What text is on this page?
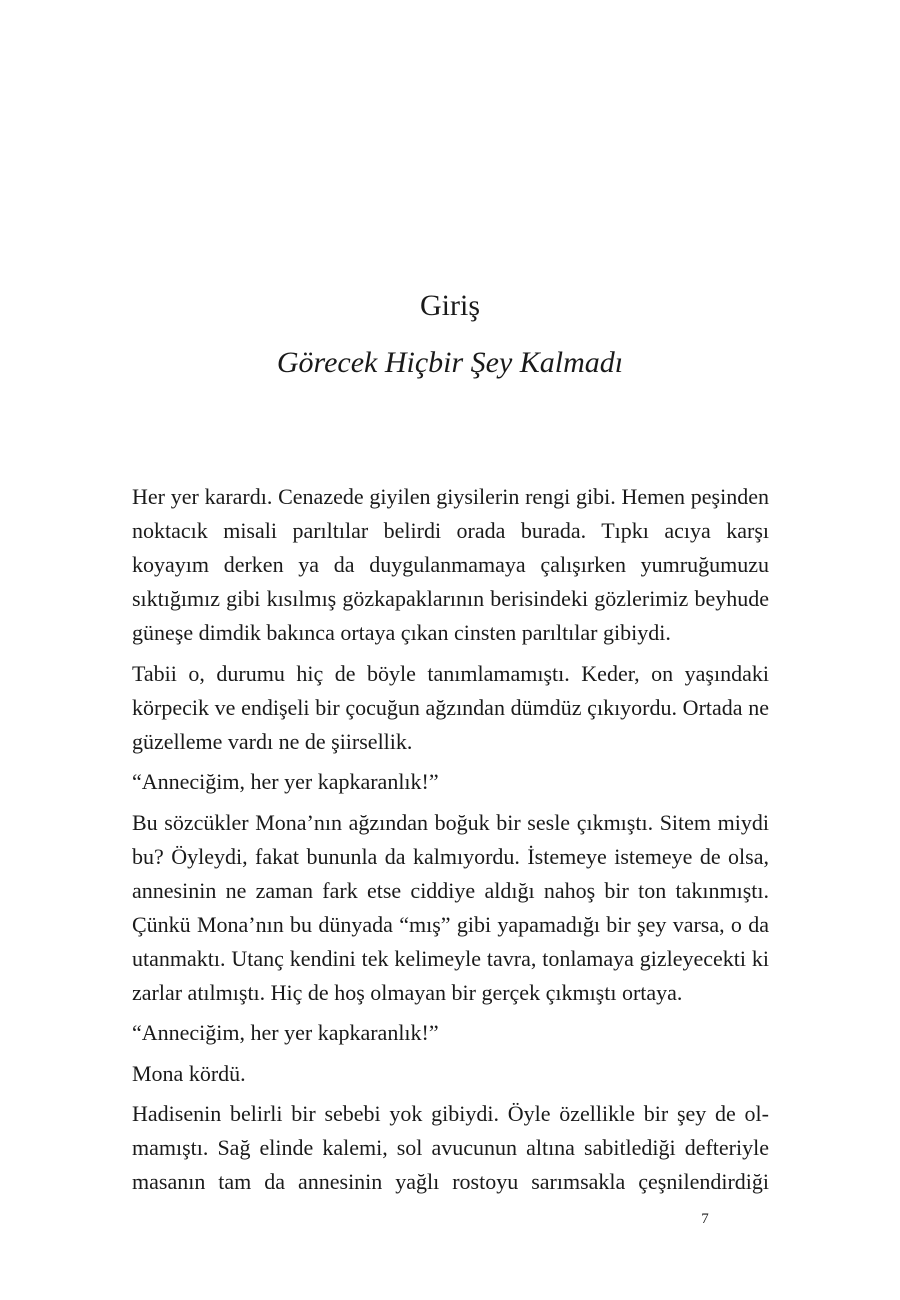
Giriş
Görecek Hiçbir Şey Kalmadı

Her yer karardı. Cenazede giyilen giysilerin rengi gibi. Hemen peşinden noktacık misali parıltılar belirdi orada burada. Tıpkı acıya karşı koyayım derken ya da duygulanmamaya çalışırken yumruğumuzu sıktığımız gibi kısılmış gözkapaklarının berisindeki gözlerimiz beyhude güneşe dimdik bakınca ortaya çıkan cinsten parıltılar gibiydi.

Tabii o, durumu hiç de böyle tanımlamamıştı. Keder, on yaşındaki körpecik ve endişeli bir çocuğun ağzından dümdüz çıkıyordu. Ortada ne güzelleme vardı ne de şiirsellik.

“Anneciğim, her yer kapkaranlık!”

Bu sözcükler Mona’nın ağzından boğuk bir sesle çıkmıştı. Sitem miydi bu? Öyleydi, fakat bununla da kalmıyordu. İstemeye istemeye de olsa, annesinin ne zaman fark etse ciddiye aldığı nahoş bir ton takınmıştı. Çünkü Mona’nın bu dünyada “mış” gibi yapamadığı bir şey varsa, o da utanmaktı. Utanç kendini tek kelimeyle tavra, tonlamaya gizleyecekti ki zarlar atılmıştı. Hiç de hoş olmayan bir gerçek çıkmıştı ortaya.

“Anneciğim, her yer kapkaranlık!”

Mona kördü.

Hadisenin belirli bir sebebi yok gibiydi. Öyle özellikle bir şey de olmamıştı. Sağ elinde kalemi, sol avucunun altına sabitlediği defteriyle masanın tam da annesinin yağlı rostoyu sarımsakla çeşnilendirdiği

7
